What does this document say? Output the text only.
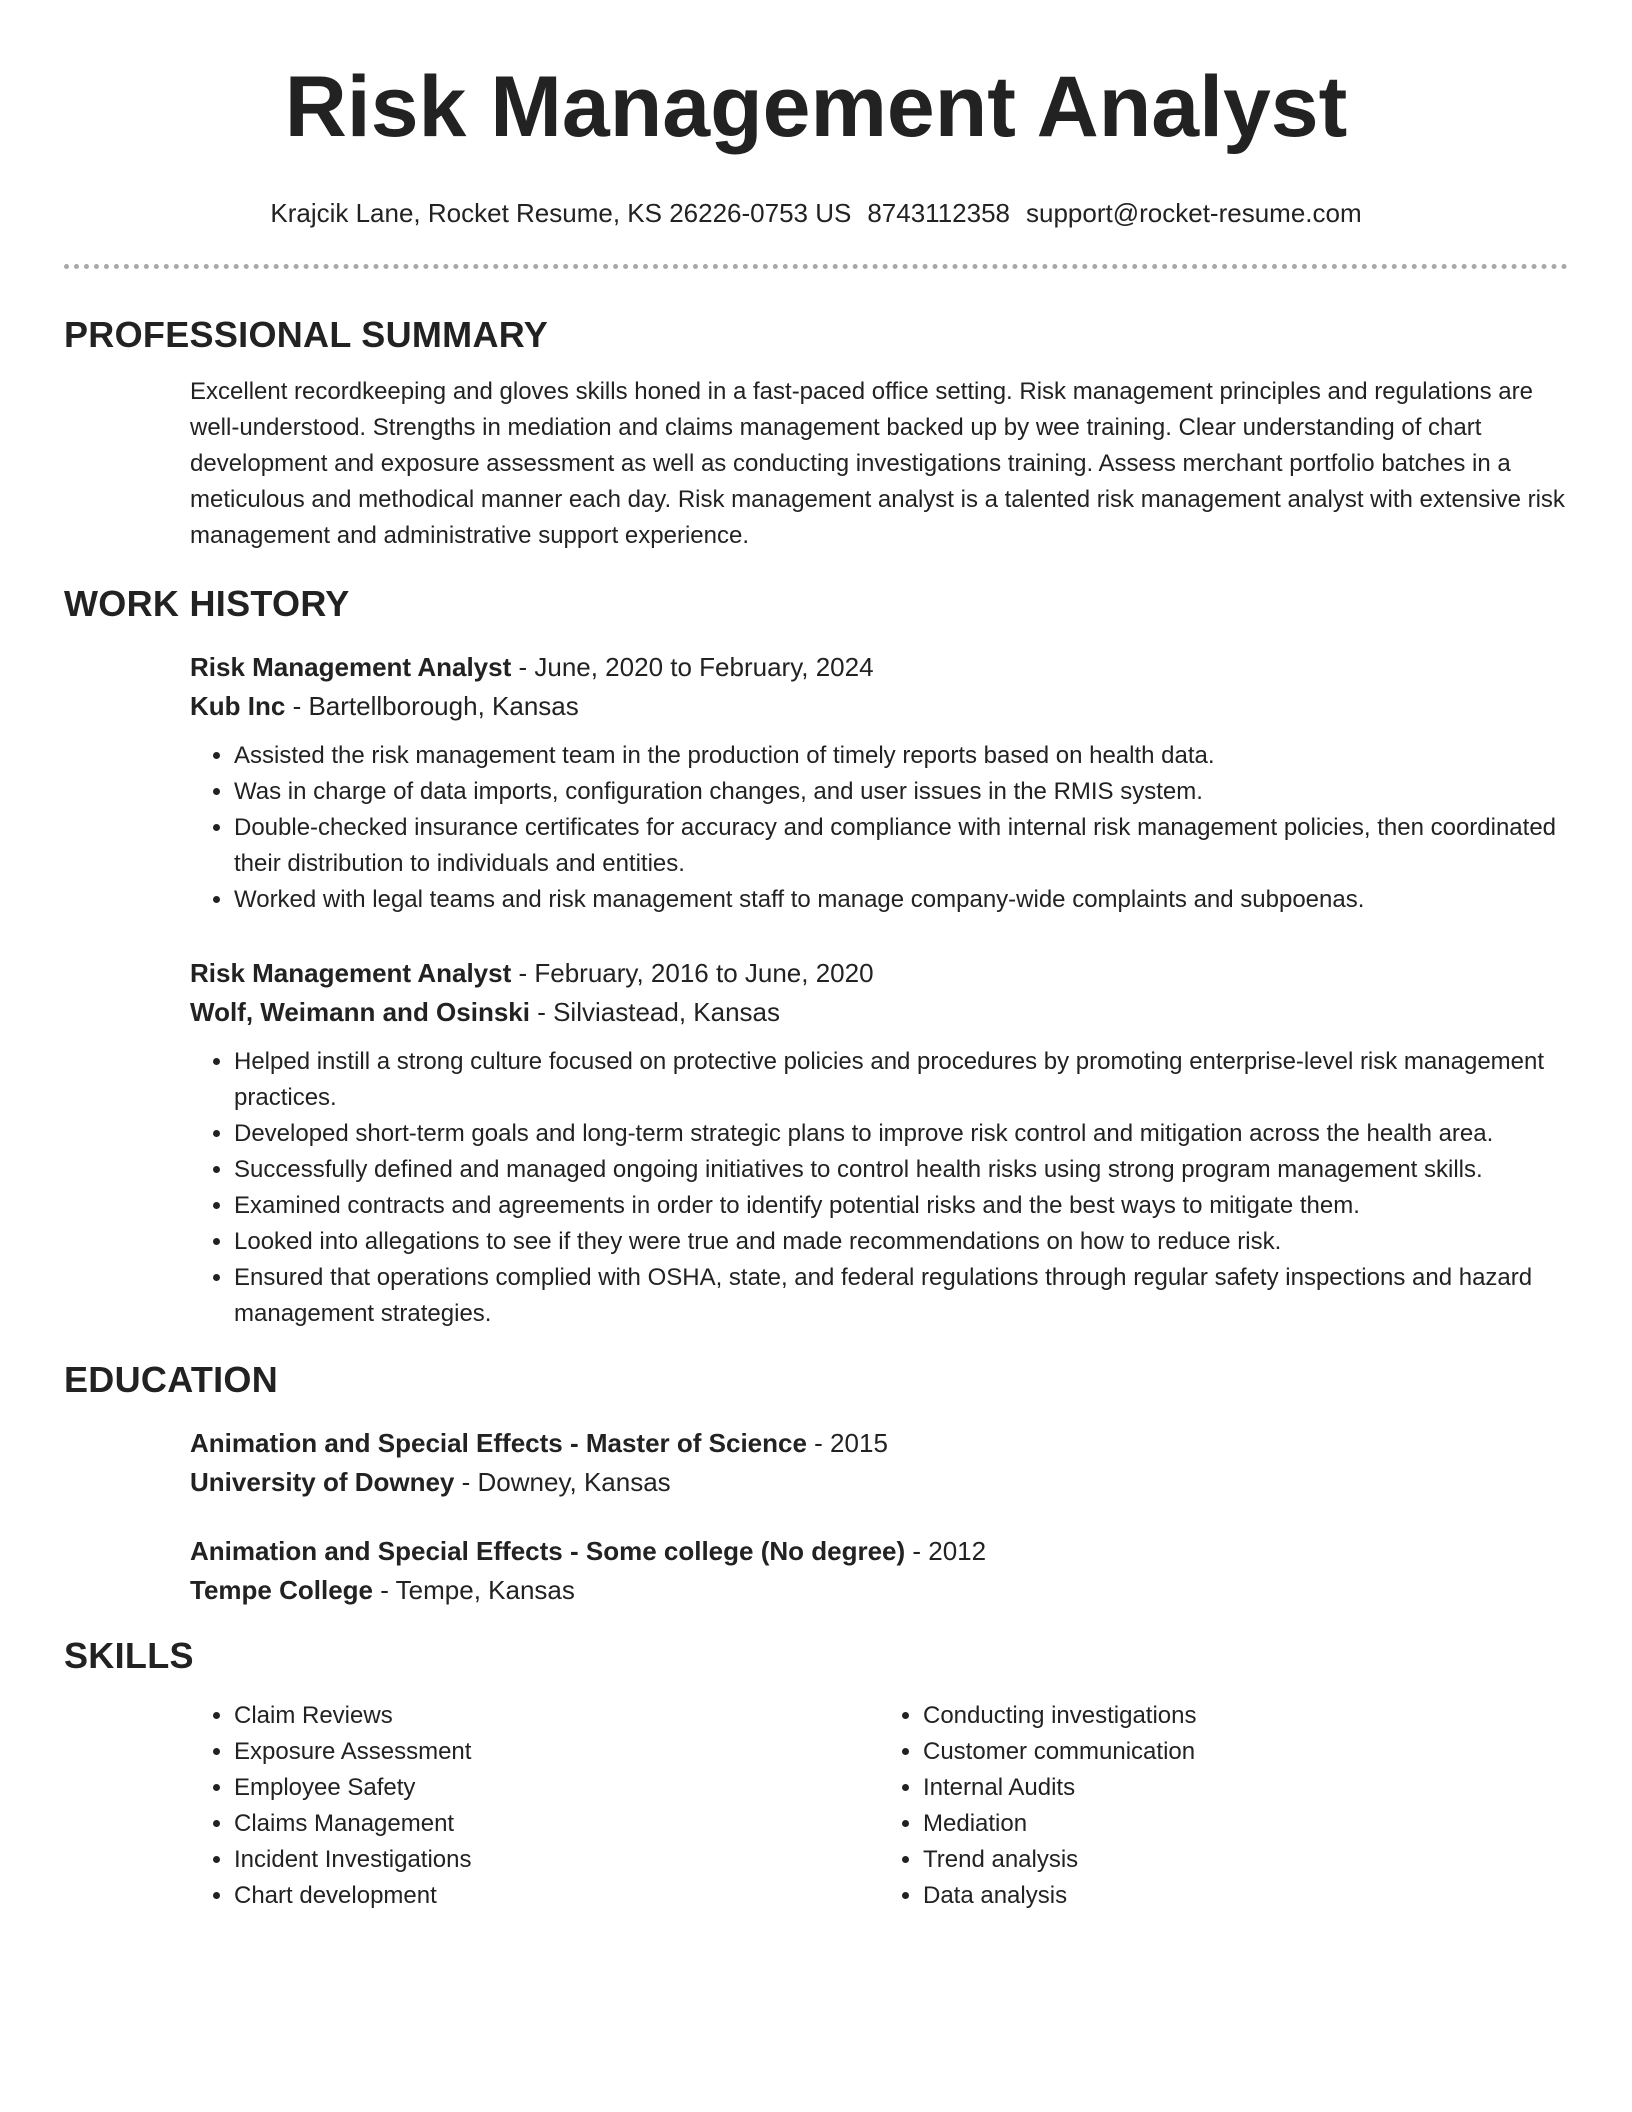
Risk Management Analyst
Krajcik Lane, Rocket Resume, KS 26226-0753 US 8743112358 support@rocket-resume.com
PROFESSIONAL SUMMARY
Excellent recordkeeping and gloves skills honed in a fast-paced office setting. Risk management principles and regulations are well-understood. Strengths in mediation and claims management backed up by wee training. Clear understanding of chart development and exposure assessment as well as conducting investigations training. Assess merchant portfolio batches in a meticulous and methodical manner each day. Risk management analyst is a talented risk management analyst with extensive risk management and administrative support experience.
WORK HISTORY
Risk Management Analyst - June, 2020 to February, 2024
Kub Inc - Bartellborough, Kansas
• Assisted the risk management team in the production of timely reports based on health data.
• Was in charge of data imports, configuration changes, and user issues in the RMIS system.
• Double-checked insurance certificates for accuracy and compliance with internal risk management policies, then coordinated their distribution to individuals and entities.
• Worked with legal teams and risk management staff to manage company-wide complaints and subpoenas.
Risk Management Analyst - February, 2016 to June, 2020
Wolf, Weimann and Osinski - Silviastead, Kansas
• Helped instill a strong culture focused on protective policies and procedures by promoting enterprise-level risk management practices.
• Developed short-term goals and long-term strategic plans to improve risk control and mitigation across the health area.
• Successfully defined and managed ongoing initiatives to control health risks using strong program management skills.
• Examined contracts and agreements in order to identify potential risks and the best ways to mitigate them.
• Looked into allegations to see if they were true and made recommendations on how to reduce risk.
• Ensured that operations complied with OSHA, state, and federal regulations through regular safety inspections and hazard management strategies.
EDUCATION
Animation and Special Effects - Master of Science - 2015
University of Downey - Downey, Kansas
Animation and Special Effects - Some college (No degree) - 2012
Tempe College - Tempe, Kansas
SKILLS
• Claim Reviews
• Exposure Assessment
• Employee Safety
• Claims Management
• Incident Investigations
• Chart development
• Conducting investigations
• Customer communication
• Internal Audits
• Mediation
• Trend analysis
• Data analysis
